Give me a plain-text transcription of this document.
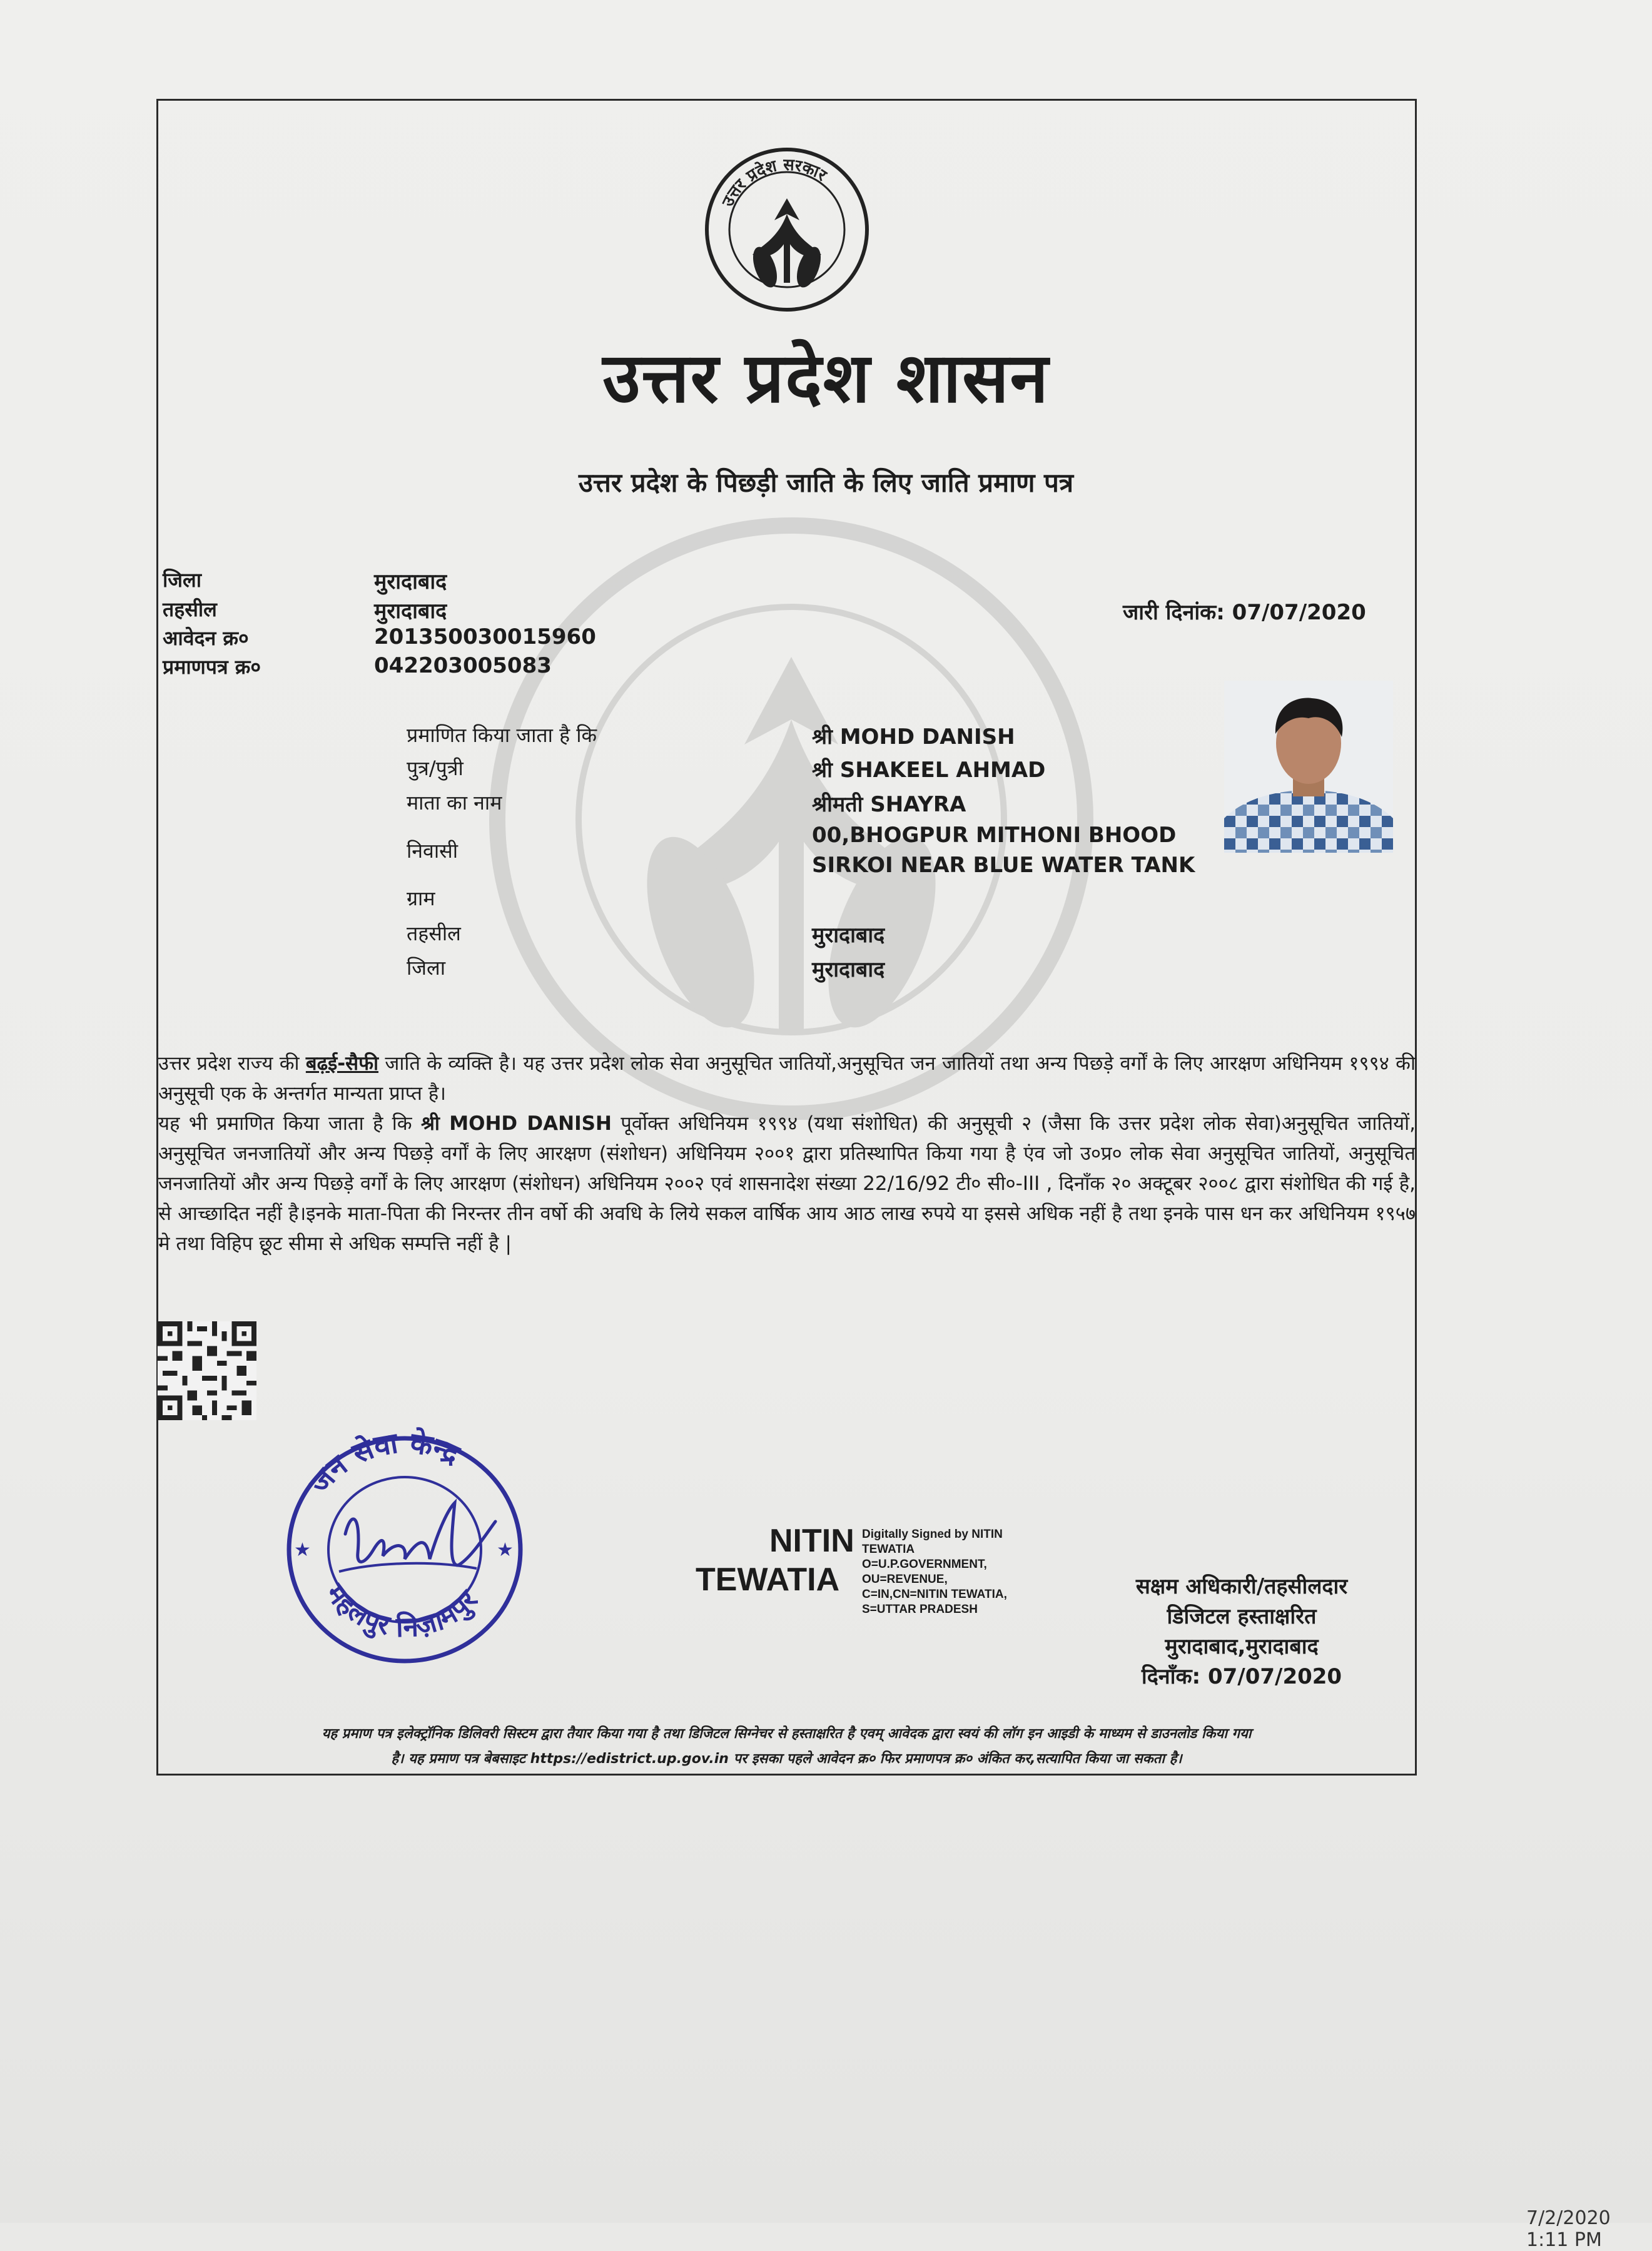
उत्तर प्रदेश सरकार
उत्तर प्रदेश शासन
उत्तर प्रदेश के पिछड़ी जाति के लिए जाति प्रमाण पत्र
जिला	मुरादाबाद
तहसील	मुरादाबाद
आवेदन क्र०	201350030015960
प्रमाणपत्र क्र०	042203005083
जारी दिनांक: 07/07/2020
प्रमाणित किया जाता है कि	श्री MOHD DANISH
पुत्र/पुत्री	श्री SHAKEEL AHMAD
माता का नाम	श्रीमती SHAYRA
निवासी
00,BHOGPUR MITHONI BHOOD
SIRKOI NEAR BLUE WATER TANK
ग्राम
तहसील	मुरादाबाद
जिला	मुरादाबाद
उत्तर प्रदेश राज्य की बढ़ई-सैफी जाति के व्यक्ति है। यह उत्तर प्रदेश लोक सेवा अनुसूचित जातियों,अनुसूचित जन जातियों तथा अन्य पिछड़े वर्गों के लिए आरक्षण अधिनियम १९९४ की अनुसूची एक के अन्तर्गत मान्यता प्राप्त है।
यह भी प्रमाणित किया जाता है कि श्री MOHD DANISH पूर्वोक्त अधिनियम १९९४ (यथा संशोधित) की अनुसूची २ (जैसा कि उत्तर प्रदेश लोक सेवा)अनुसूचित जातियों, अनुसूचित जनजातियों और अन्य पिछड़े वर्गों के लिए आरक्षण (संशोधन) अधिनियम २००१ द्वारा प्रतिस्थापित किया गया है एंव जो उ०प्र० लोक सेवा अनुसूचित जातियों, अनुसूचित जनजातियों और अन्य पिछड़े वर्गों के लिए आरक्षण (संशोधन) अधिनियम २००२ एवं शासनादेश संख्या 22/16/92 टी० सी०-III , दिनाँक २० अक्टूबर २००८ द्वारा संशोधित की गई है, से आच्छादित नहीं है।इनके माता-पिता की निरन्तर तीन वर्षो की अवधि के लिये सकल वार्षिक आय आठ लाख रुपये या इससे अधिक नहीं है तथा इनके पास धन कर अधिनियम १९५७ मे तथा विहिप छूट सीमा से अधिक सम्पत्ति नहीं है |
जन सेवा केन्द्र
महलपुर निज़ामपुर
★	★	NITIN
TEWATIA
Digitally Signed by NITIN
TEWATIA
O=U.P.GOVERNMENT,
OU=REVENUE,
C=IN,CN=NITIN TEWATIA,
S=UTTAR PRADESH
सक्षम अधिकारी/तहसीलदार
डिजिटल हस्ताक्षरित
मुरादाबाद,मुरादाबाद
दिनाँक: 07/07/2020
यह प्रमाण पत्र इलेक्ट्रॉनिक डिलिवरी सिस्टम द्वारा तैयार किया गया है तथा डिजिटल सिग्नेचर से हस्ताक्षरित है एवम् आवेदक द्वारा स्वयं की लॉग इन आइडी के माध्यम से डाउनलोड किया गया
है। यह प्रमाण पत्र बेबसाइट https://edistrict.up.gov.in पर इसका पहले आवेदन क्र० फिर प्रमाणपत्र क्र० अंकित कर,सत्यापित किया जा सकता है।
7/2/2020 1:11 PM
